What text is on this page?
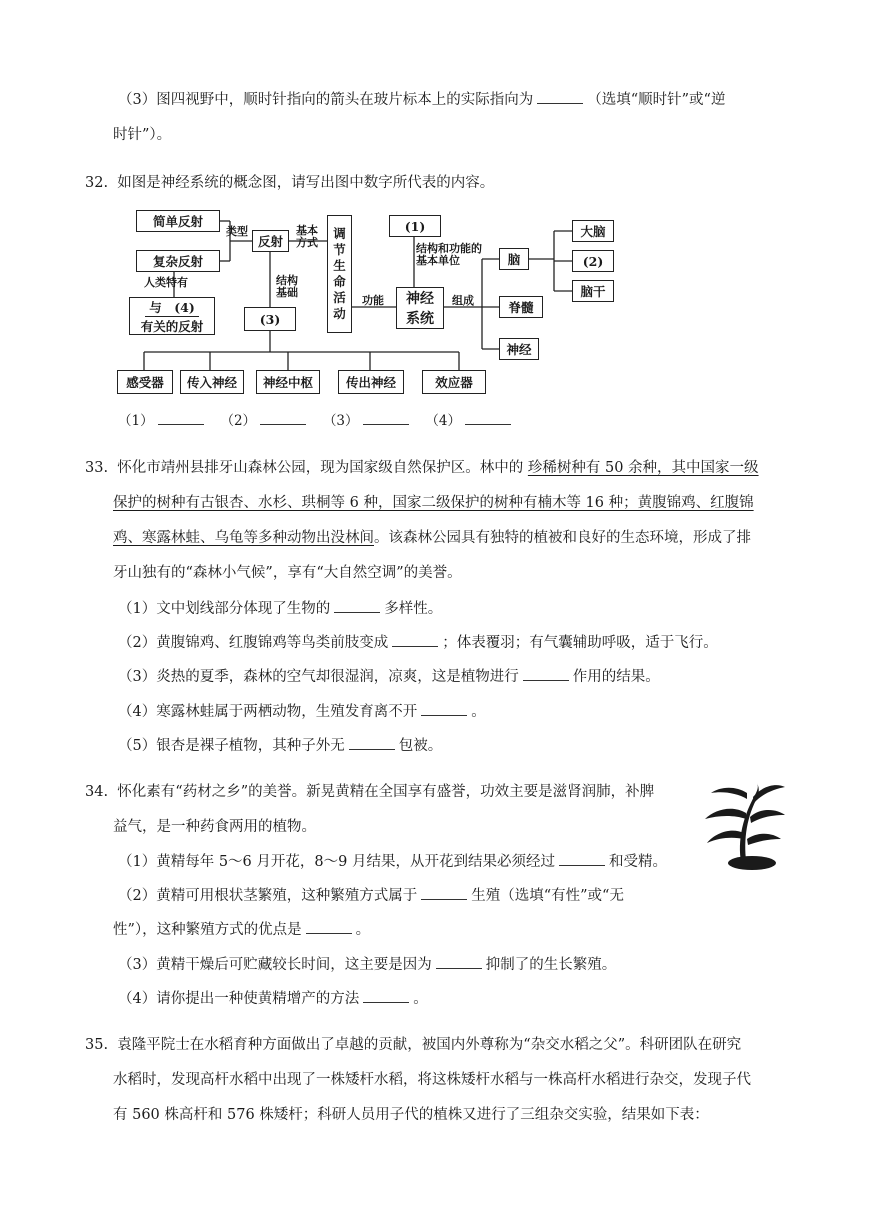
（3）图四视野中，顺时针指向的箭头在玻片标本上的实际指向为	（选填“顺时针”或“逆
时针”）。
32. 如图是神经系统的概念图，请写出图中数字所代表的内容。
简单反射
复杂反射
类型
反射
基本方式
人类特有
与　(4)
有关的反射
结构基础
(3)
调节生命活动
功能
(1)
结构和功能的基本单位
神经系统
组成
脑
脊髓
神经
大脑
(2)
脑干
感受器	传入神经	神经中枢	传出神经	效应器
（1）	（2）	（3）	（4）
33. 怀化市靖州县排牙山森林公园，现为国家级自然保护区。林中的 珍稀树种有 50 余种，其中国家一级
保护的树种有古银杏、水杉、珙桐等 6 种，国家二级保护的树种有楠木等 16 种；黄腹锦鸡、红腹锦
鸡、寒露林蛙、乌龟等多种动物出没林间。该森林公园具有独特的植被和良好的生态环境，形成了排
牙山独有的“森林小气候”，享有“大自然空调”的美誉。
（1）文中划线部分体现了生物的	多样性。
（2）黄腹锦鸡、红腹锦鸡等鸟类前肢变成	；体表覆羽；有气囊辅助呼吸，适于飞行。
（3）炎热的夏季，森林的空气却很湿润，凉爽，这是植物进行	作用的结果。
（4）寒露林蛙属于两栖动物，生殖发育离不开	。
（5）银杏是裸子植物，其种子外无	包被。
34. 怀化素有“药材之乡”的美誉。新晃黄精在全国享有盛誉，功效主要是滋肾润肺，补脾
益气，是一种药食两用的植物。
（1）黄精每年 5～6 月开花，8～9 月结果，从开花到结果必须经过	和受精。
（2）黄精可用根状茎繁殖，这种繁殖方式属于	生殖（选填“有性”或“无
性”），这种繁殖方式的优点是	。
（3）黄精干燥后可贮藏较长时间，这主要是因为	抑制了的生长繁殖。
（4）请你提出一种使黄精增产的方法	。
35. 袁隆平院士在水稻育种方面做出了卓越的贡献，被国内外尊称为“杂交水稻之父”。科研团队在研究
水稻时，发现高杆水稻中出现了一株矮杆水稻，将这株矮杆水稻与一株高杆水稻进行杂交，发现子代
有 560 株高杆和 576 株矮杆；科研人员用子代的植株又进行了三组杂交实验，结果如下表：
